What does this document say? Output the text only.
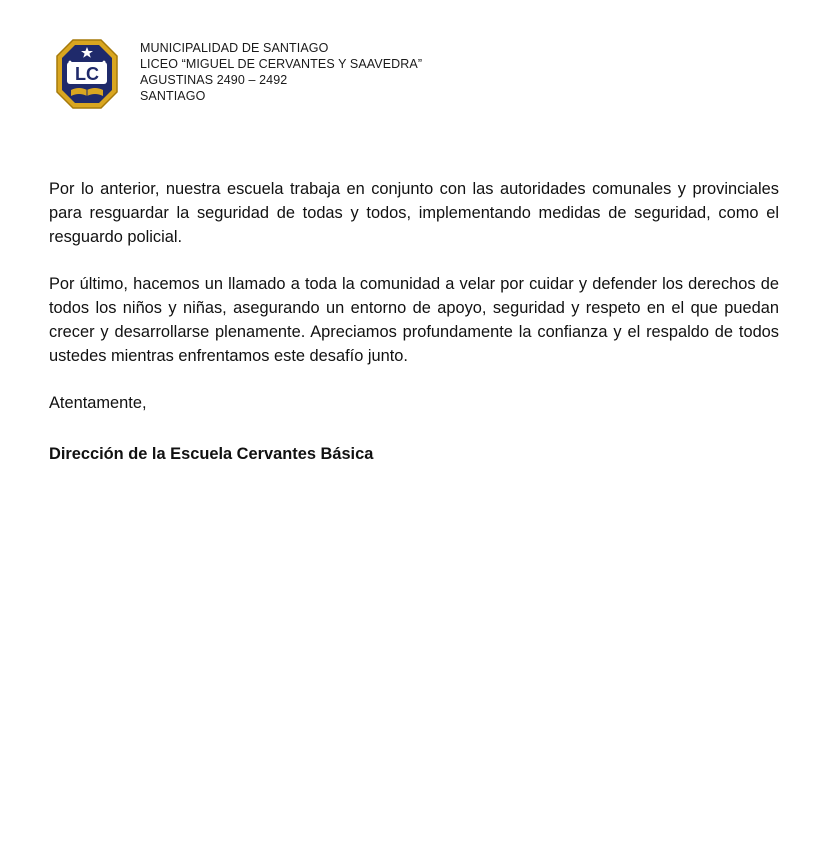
LC
MUNICIPALIDAD DE SANTIAGO
LICEO “MIGUEL DE CERVANTES Y SAAVEDRA”
AGUSTINAS 2490 – 2492
SANTIAGO

Por lo anterior, nuestra escuela trabaja en conjunto con las autoridades comunales y provinciales para resguardar la seguridad de todas y todos, implementando medidas de seguridad, como el resguardo policial.

Por último, hacemos un llamado a toda la comunidad a velar por cuidar y defender los derechos de todos los niños y niñas, asegurando un entorno de apoyo, seguridad y respeto en el que puedan crecer y desarrollarse plenamente. Apreciamos profundamente la confianza y el respaldo de todos ustedes mientras enfrentamos este desafío junto.

Atentamente,

Dirección de la Escuela Cervantes Básica
